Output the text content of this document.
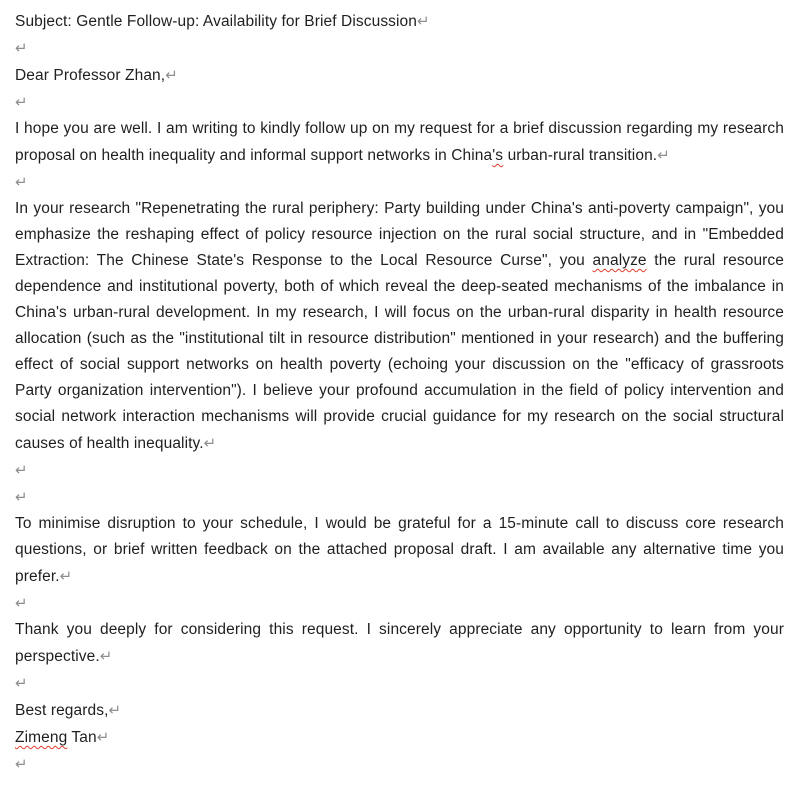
Subject: Gentle Follow-up: Availability for Brief Discussion↵

↵

Dear Professor Zhan,↵

↵

I hope you are well. I am writing to kindly follow up on my request for a brief discussion regarding my research proposal on health inequality and informal support networks in China's urban-rural transition.↵

↵

In your research "Repenetrating the rural periphery: Party building under China's anti-poverty campaign", you emphasize the reshaping effect of policy resource injection on the rural social structure, and in "Embedded Extraction: The Chinese State's Response to the Local Resource Curse", you analyze the rural resource dependence and institutional poverty, both of which reveal the deep-seated mechanisms of the imbalance in China's urban-rural development. In my research, I will focus on the urban-rural disparity in health resource allocation (such as the "institutional tilt in resource distribution" mentioned in your research) and the buffering effect of social support networks on health poverty (echoing your discussion on the "efficacy of grassroots Party organization intervention"). I believe your profound accumulation in the field of policy intervention and social network interaction mechanisms will provide crucial guidance for my research on the social structural causes of health inequality.↵

↵

↵

To minimise disruption to your schedule, I would be grateful for a 15-minute call to discuss core research questions, or brief written feedback on the attached proposal draft. I am available any alternative time you prefer.↵

↵

Thank you deeply for considering this request. I sincerely appreciate any opportunity to learn from your perspective.↵

↵

Best regards,↵

Zimeng Tan↵

↵
